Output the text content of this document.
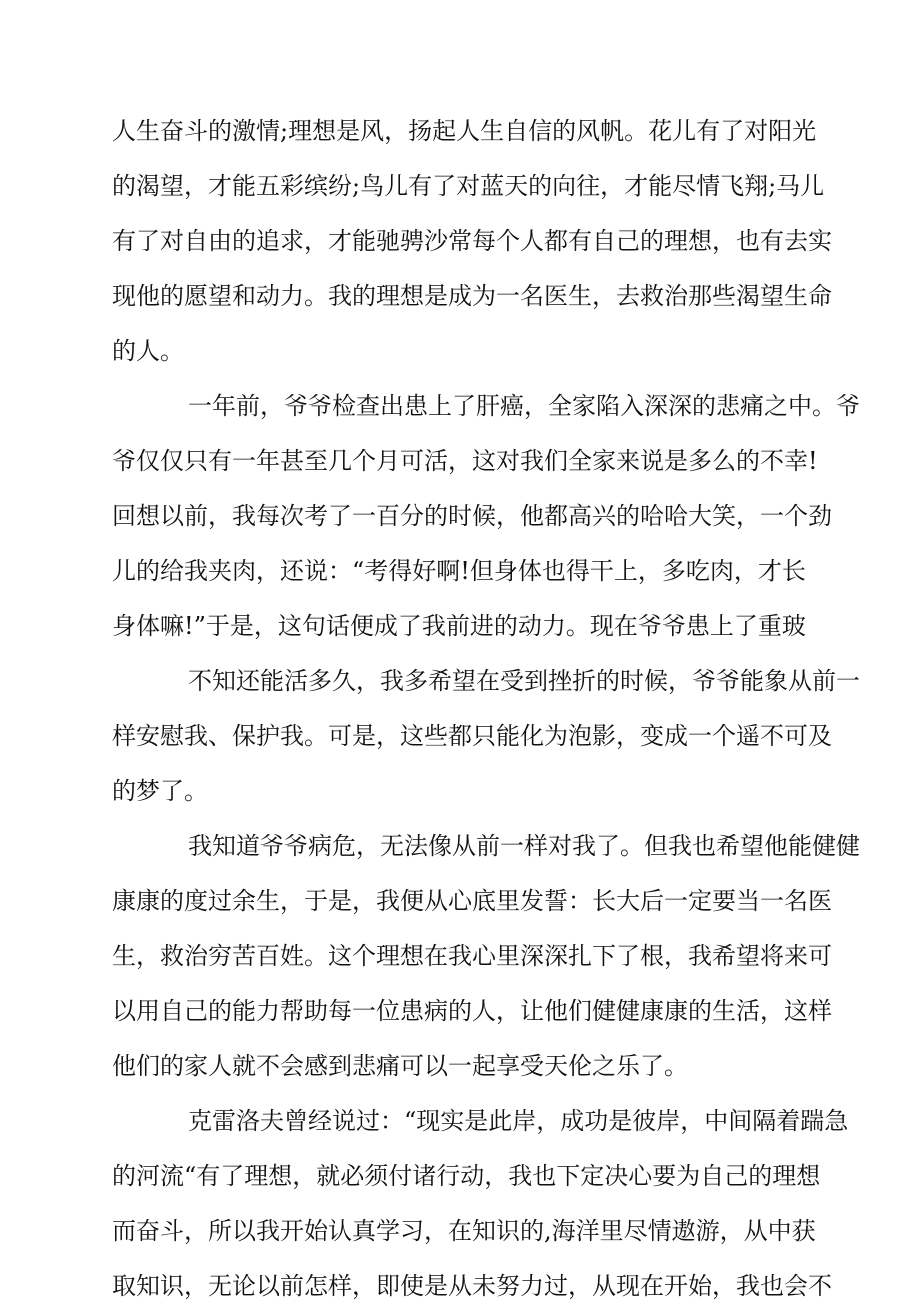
人生奋斗的激情;理想是风，扬起人生自信的风帆。花儿有了对阳光
的渴望，才能五彩缤纷;鸟儿有了对蓝天的向往，才能尽情飞翔;马儿
有了对自由的追求，才能驰骋沙常每个人都有自己的理想，也有去实
现他的愿望和动力。我的理想是成为一名医生，去救治那些渴望生命
的人。
一年前，爷爷检查出患上了肝癌，全家陷入深深的悲痛之中。爷
爷仅仅只有一年甚至几个月可活，这对我们全家来说是多么的不幸!
回想以前，我每次考了一百分的时候，他都高兴的哈哈大笑，一个劲
儿的给我夹肉，还说：“考得好啊!但身体也得干上，多吃肉，才长
身体嘛!”于是，这句话便成了我前进的动力。现在爷爷患上了重玻
不知还能活多久，我多希望在受到挫折的时候，爷爷能象从前一
样安慰我、保护我。可是，这些都只能化为泡影，变成一个遥不可及
的梦了。
我知道爷爷病危，无法像从前一样对我了。但我也希望他能健健
康康的度过余生，于是，我便从心底里发誓：长大后一定要当一名医
生，救治穷苦百姓。这个理想在我心里深深扎下了根，我希望将来可
以用自己的能力帮助每一位患病的人，让他们健健康康的生活，这样
他们的家人就不会感到悲痛可以一起享受天伦之乐了。
克雷洛夫曾经说过：“现实是此岸，成功是彼岸，中间隔着踹急
的河流“有了理想，就必须付诸行动，我也下定决心要为自己的理想
而奋斗，所以我开始认真学习，在知识的,海洋里尽情遨游，从中获
取知识，无论以前怎样，即使是从未努力过，从现在开始，我也会不
